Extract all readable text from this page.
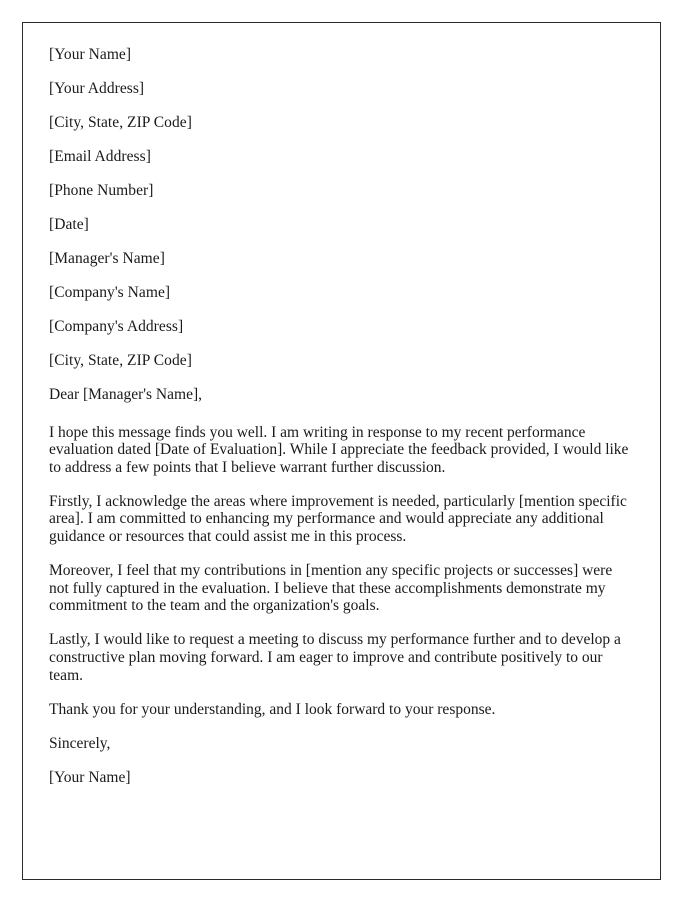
[Your Name]

[Your Address]

[City, State, ZIP Code]

[Email Address]

[Phone Number]

[Date]

[Manager's Name]

[Company's Name]

[Company's Address]

[City, State, ZIP Code]

Dear [Manager's Name],

I hope this message finds you well. I am writing in response to my recent performance evaluation dated [Date of Evaluation]. While I appreciate the feedback provided, I would like to address a few points that I believe warrant further discussion.

Firstly, I acknowledge the areas where improvement is needed, particularly [mention specific area]. I am committed to enhancing my performance and would appreciate any additional guidance or resources that could assist me in this process.

Moreover, I feel that my contributions in [mention any specific projects or successes] were not fully captured in the evaluation. I believe that these accomplishments demonstrate my commitment to the team and the organization's goals.

Lastly, I would like to request a meeting to discuss my performance further and to develop a constructive plan moving forward. I am eager to improve and contribute positively to our team.

Thank you for your understanding, and I look forward to your response.

Sincerely,

[Your Name]
